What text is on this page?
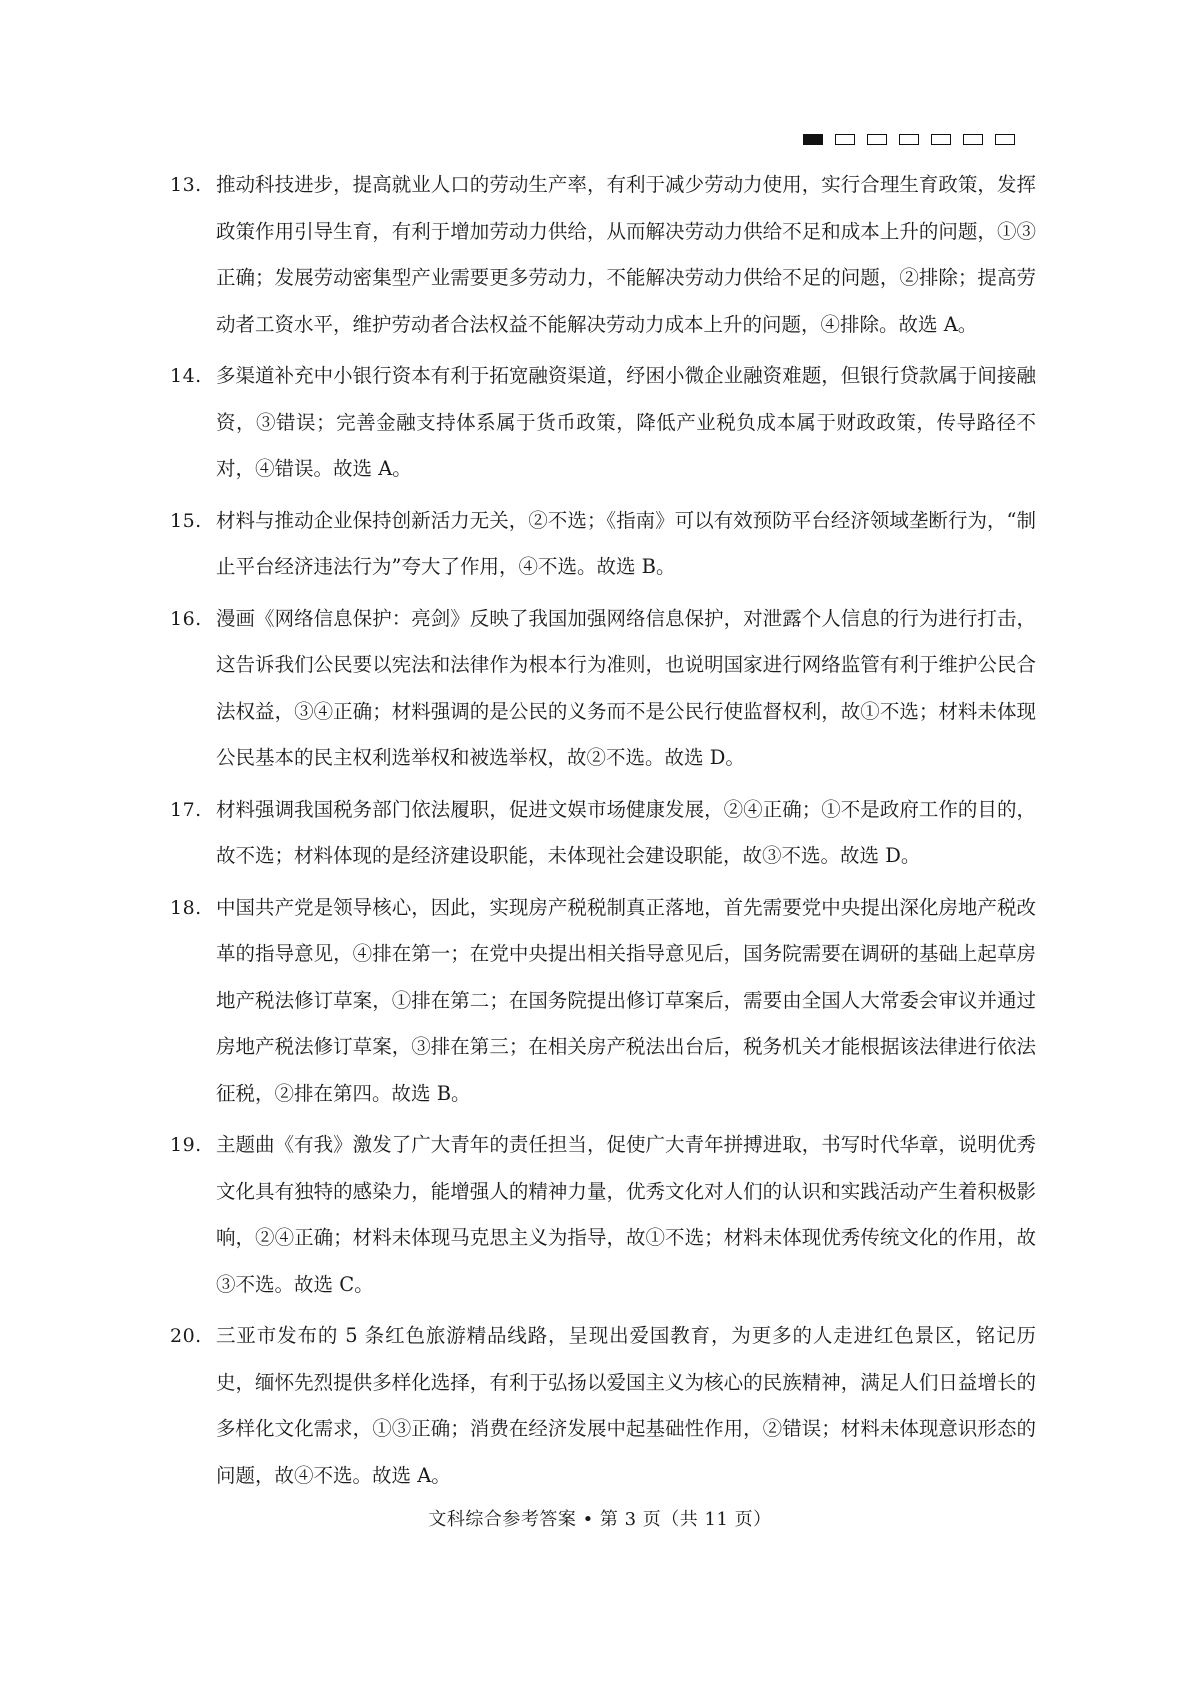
13. 推动科技进步，提高就业人口的劳动生产率，有利于减少劳动力使用，实行合理生育政策，发挥政策作用引导生育，有利于增加劳动力供给，从而解决劳动力供给不足和成本上升的问题，①③正确；发展劳动密集型产业需要更多劳动力，不能解决劳动力供给不足的问题，②排除；提高劳动者工资水平，维护劳动者合法权益不能解决劳动力成本上升的问题，④排除。故选 A。
14. 多渠道补充中小银行资本有利于拓宽融资渠道，纾困小微企业融资难题，但银行贷款属于间接融资，③错误；完善金融支持体系属于货币政策，降低产业税负成本属于财政政策，传导路径不对，④错误。故选 A。
15. 材料与推动企业保持创新活力无关，②不选；《指南》可以有效预防平台经济领域垄断行为，“制止平台经济违法行为”夸大了作用，④不选。故选 B。
16. 漫画《网络信息保护：亮剑》反映了我国加强网络信息保护，对泄露个人信息的行为进行打击，这告诉我们公民要以宪法和法律作为根本行为准则，也说明国家进行网络监管有利于维护公民合法权益，③④正确；材料强调的是公民的义务而不是公民行使监督权利，故①不选；材料未体现公民基本的民主权利选举权和被选举权，故②不选。故选 D。
17. 材料强调我国税务部门依法履职，促进文娱市场健康发展，②④正确；①不是政府工作的目的，故不选；材料体现的是经济建设职能，未体现社会建设职能，故③不选。故选 D。
18. 中国共产党是领导核心，因此，实现房产税税制真正落地，首先需要党中央提出深化房地产税改革的指导意见，④排在第一；在党中央提出相关指导意见后，国务院需要在调研的基础上起草房地产税法修订草案，①排在第二；在国务院提出修订草案后，需要由全国人大常委会审议并通过房地产税法修订草案，③排在第三；在相关房产税法出台后，税务机关才能根据该法律进行依法征税，②排在第四。故选 B。
19. 主题曲《有我》激发了广大青年的责任担当，促使广大青年拼搏进取，书写时代华章，说明优秀文化具有独特的感染力，能增强人的精神力量，优秀文化对人们的认识和实践活动产生着积极影响，②④正确；材料未体现马克思主义为指导，故①不选；材料未体现优秀传统文化的作用，故③不选。故选 C。
20. 三亚市发布的 5 条红色旅游精品线路，呈现出爱国教育，为更多的人走进红色景区，铭记历史，缅怀先烈提供多样化选择，有利于弘扬以爱国主义为核心的民族精神，满足人们日益增长的多样化文化需求，①③正确；消费在经济发展中起基础性作用，②错误；材料未体现意识形态的问题，故④不选。故选 A。
文科综合参考答案 • 第 3 页（共 11 页）
